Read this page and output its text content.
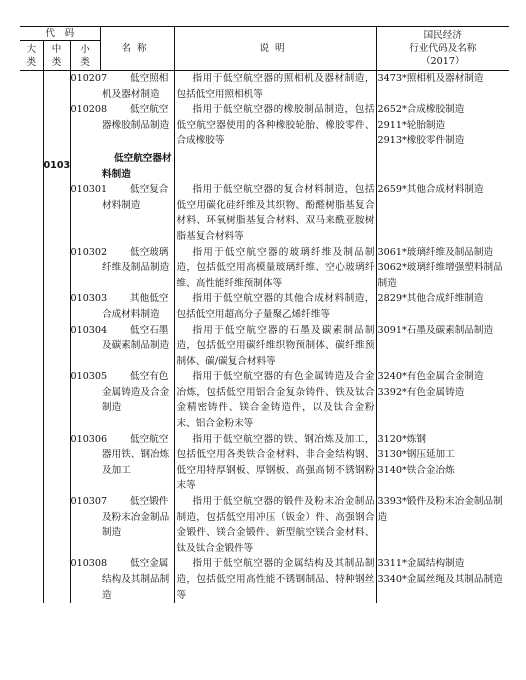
代　码			名称	说明	国民经济
行业代码及名称
（2017）

大类	中类	小类			
		010207	低空照相机及器材制造	指用于低空航空器的照相机及器材制造，包括低空用照相机等	3473*照相机及器材制造

		010208	低空航空器橡胶制品制造	指用于低空航空器的橡胶制品制造，包括低空航空器使用的各种橡胶轮胎、橡胶零件、合成橡胶等	2652*合成橡胶制造
2911*轮胎制造
2913*橡胶零件制造

	0103		低空航空器材料制造		

		010301	低空复合材料制造	指用于低空航空器的复合材料制造，包括低空用碳化硅纤维及其织物、酚醛树脂基复合材料、环氧树脂基复合材料、双马来酰亚胺树脂基复合材料等	2659*其他合成材料制造

		010302	低空玻璃纤维及制品制造	指用于低空航空器的玻璃纤维及制品制造，包括低空用高模量玻璃纤维、空心玻璃纤维、高性能纤维预制体等	3061*玻璃纤维及制品制造
3062*玻璃纤维增强塑料制品制造

		010303	其他低空合成材料制造	指用于低空航空器的其他合成材料制造，包括低空用超高分子量聚乙烯纤维等	2829*其他合成纤维制造

		010304	低空石墨及碳素制品制造	指用于低空航空器的石墨及碳素制品制造，包括低空用碳纤维织物预制体、碳纤维预制体、碳/碳复合材料等	3091*石墨及碳素制品制造

		010305	低空有色金属铸造及合金制造	指用于低空航空器的有色金属铸造及合金冶炼，包括低空用铝合金复杂铸件、铁及钛合金精密铸件、镁合金铸造件，以及钛合金粉末、铝合金粉末等	3240*有色金属合金制造
3392*有色金属铸造

		010306	低空航空器用铁、钢冶炼及加工	指用于低空航空器的铁、钢冶炼及加工，包括低空用各类铁合金材料、非合金结构钢、低空用特厚钢板、厚钢板、高强高韧不锈钢粉末等	3120*炼钢
3130*钢压延加工
3140*铁合金冶炼

		010307	低空锻件及粉末冶金制品制造	指用于低空航空器的锻件及粉末冶金制品制造，包括低空用冲压（钣金）件、高强钢合金锻件、镁合金锻件、新型航空镁合金材料、钛及钛合金锻件等	3393*锻件及粉末冶金制品制造

		010308	低空金属结构及其制品制造	指用于低空航空器的金属结构及其制品制造，包括低空用高性能不锈钢制品、特种钢丝等	3311*金属结构制造
3340*金属丝绳及其制品制造
